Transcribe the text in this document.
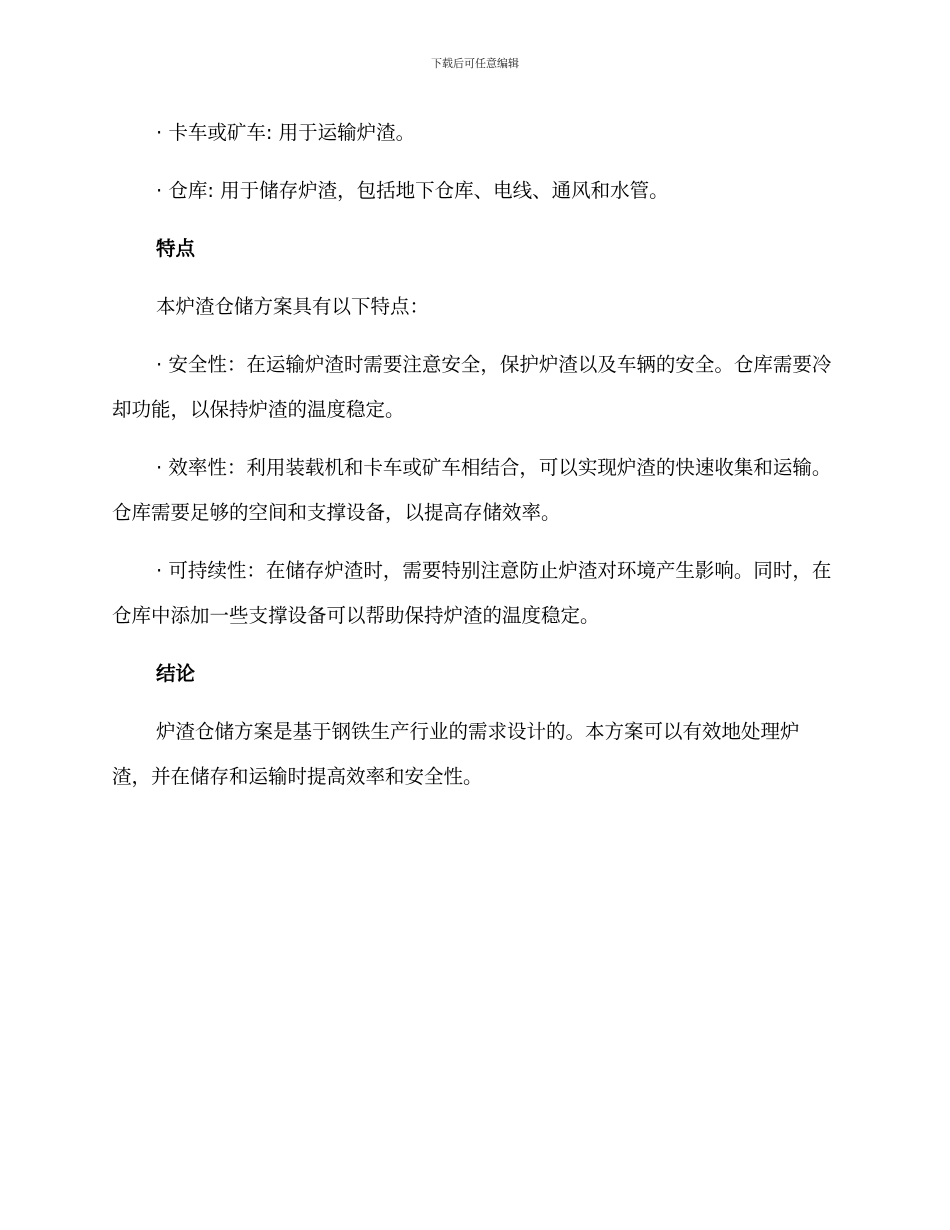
下载后可任意编辑

· 卡车或矿车: 用于运输炉渣。

· 仓库: 用于储存炉渣，包括地下仓库、电线、通风和水管。

特点

本炉渣仓储方案具有以下特点：

· 安全性：在运输炉渣时需要注意安全，保护炉渣以及车辆的安全。仓库需要冷却功能，以保持炉渣的温度稳定。

· 效率性：利用装载机和卡车或矿车相结合，可以实现炉渣的快速收集和运输。仓库需要足够的空间和支撑设备，以提高存储效率。

· 可持续性：在储存炉渣时，需要特别注意防止炉渣对环境产生影响。同时，在仓库中添加一些支撑设备可以帮助保持炉渣的温度稳定。

结论

炉渣仓储方案是基于钢铁生产行业的需求设计的。本方案可以有效地处理炉渣，并在储存和运输时提高效率和安全性。
